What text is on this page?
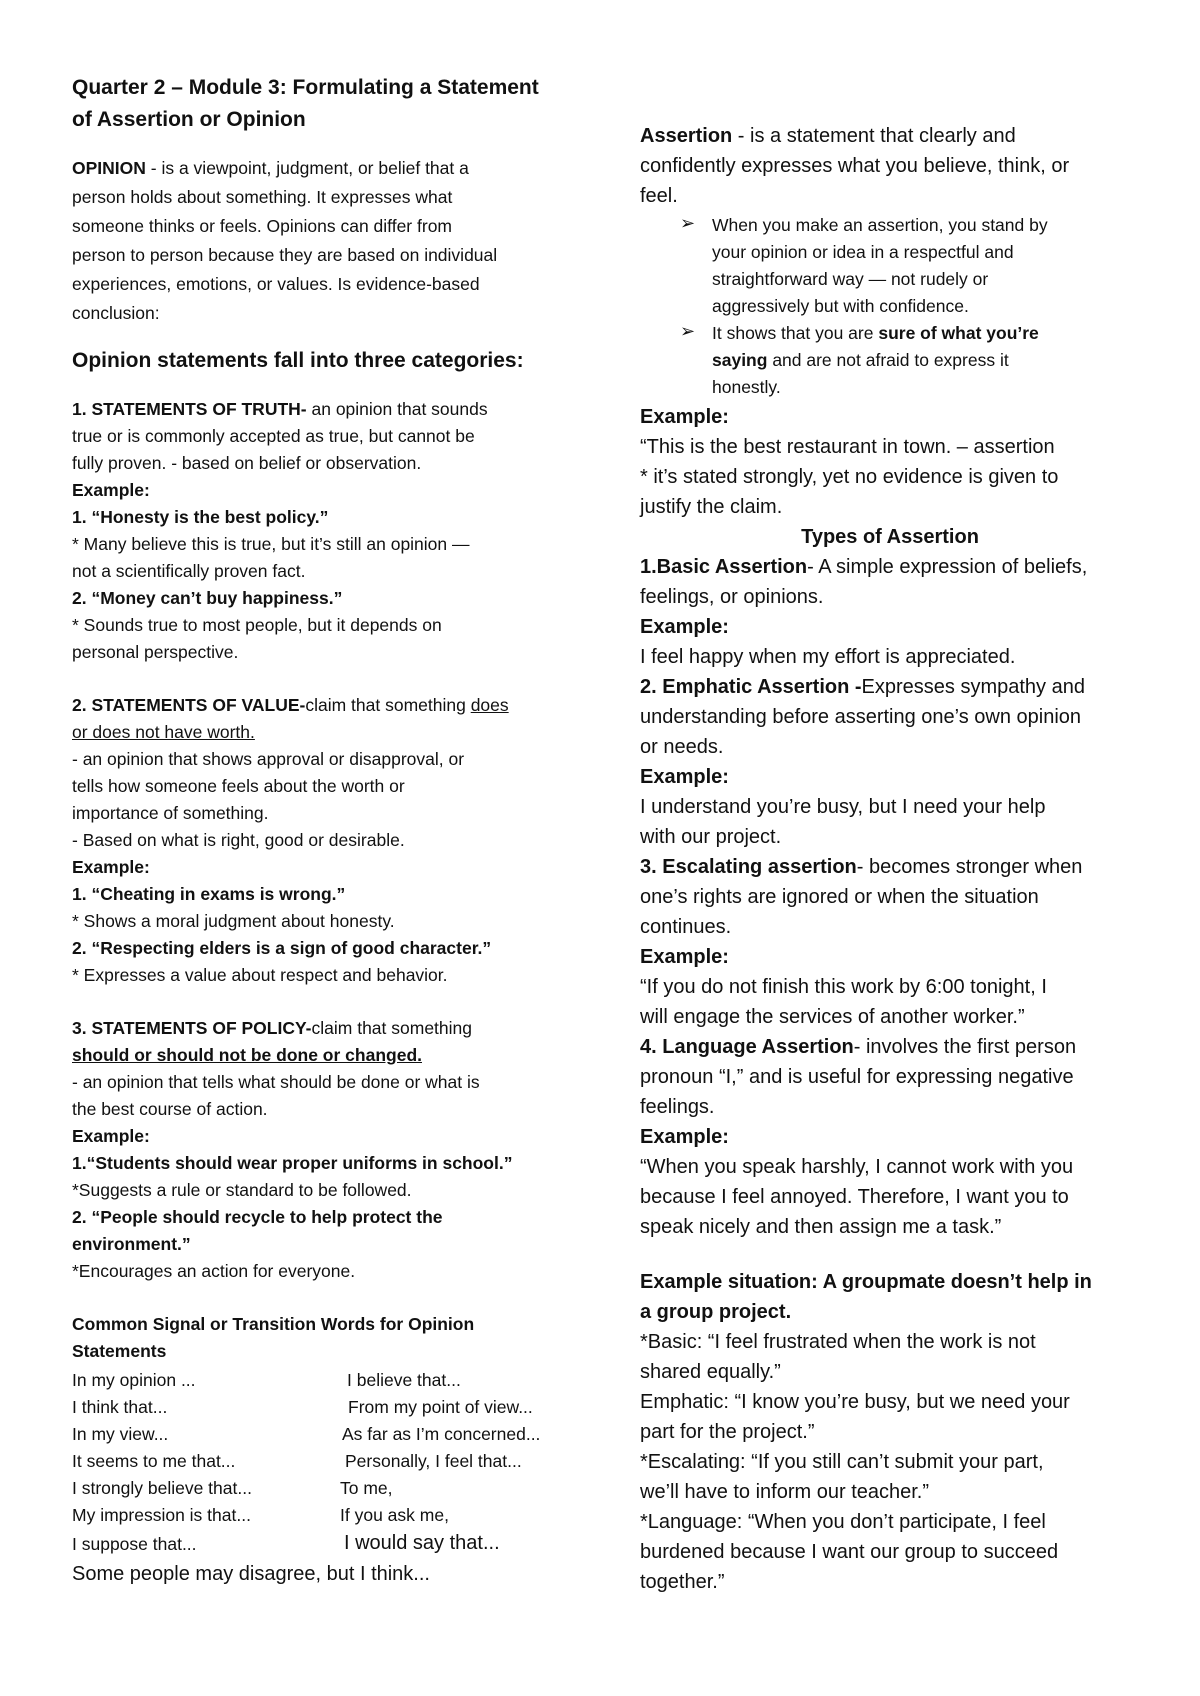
Quarter 2 – Module 3: Formulating a Statement
of Assertion or Opinion
OPINION - is a viewpoint, judgment, or belief that a
person holds about something. It expresses what
someone thinks or feels. Opinions can differ from
person to person because they are based on individual
experiences, emotions, or values. Is evidence-based
conclusion:
Opinion statements fall into three categories:
1. STATEMENTS OF TRUTH- an opinion that sounds
true or is commonly accepted as true, but cannot be
fully proven. - based on belief or observation.
Example:
1. “Honesty is the best policy.”
* Many believe this is true, but it’s still an opinion —
not a scientifically proven fact.
2. “Money can’t buy happiness.”
* Sounds true to most people, but it depends on
personal perspective.
2. STATEMENTS OF VALUE-claim that something does
or does not have worth.
- an opinion that shows approval or disapproval, or
tells how someone feels about the worth or
importance of something.
- Based on what is right, good or desirable.
Example:
1. “Cheating in exams is wrong.”
* Shows a moral judgment about honesty.
2. “Respecting elders is a sign of good character.”
* Expresses a value about respect and behavior.
3. STATEMENTS OF POLICY-claim that something
should or should not be done or changed.
- an opinion that tells what should be done or what is
the best course of action.
Example:
1.“Students should wear proper uniforms in school.”
*Suggests a rule or standard to be followed.
2. “People should recycle to help protect the
environment.”
*Encourages an action for everyone.
Common Signal or Transition Words for Opinion
Statements
In my opinion ...
I think that...
In my view...
It seems to me that...
I strongly believe that...
My impression is that...
I suppose that...
I believe that...
From my point of view...
As far as I’m concerned...
Personally, I feel that...
To me,
If you ask me,
I would say that...
Some people may disagree, but I think...
Assertion - is a statement that clearly and
confidently expresses what you believe, think, or
feel.
➢ When you make an assertion, you stand by
your opinion or idea in a respectful and
straightforward way — not rudely or
aggressively but with confidence.
➢ It shows that you are sure of what you’re
saying and are not afraid to express it
honestly.
Example:
“This is the best restaurant in town. – assertion
* it’s stated strongly, yet no evidence is given to
justify the claim.
Types of Assertion
1.Basic Assertion- A simple expression of beliefs,
feelings, or opinions.
Example:
I feel happy when my effort is appreciated.
2. Emphatic Assertion -Expresses sympathy and
understanding before asserting one’s own opinion
or needs.
Example:
I understand you’re busy, but I need your help
with our project.
3. Escalating assertion- becomes stronger when
one’s rights are ignored or when the situation
continues.
Example:
“If you do not finish this work by 6:00 tonight, I
will engage the services of another worker.”
4. Language Assertion- involves the first person
pronoun “I,” and is useful for expressing negative
feelings.
Example:
“When you speak harshly, I cannot work with you
because I feel annoyed. Therefore, I want you to
speak nicely and then assign me a task.”
Example situation: A groupmate doesn’t help in
a group project.
*Basic: “I feel frustrated when the work is not
shared equally.”
Emphatic: “I know you’re busy, but we need your
part for the project.”
*Escalating: “If you still can’t submit your part,
we’ll have to inform our teacher.”
*Language: “When you don’t participate, I feel
burdened because I want our group to succeed
together.”
